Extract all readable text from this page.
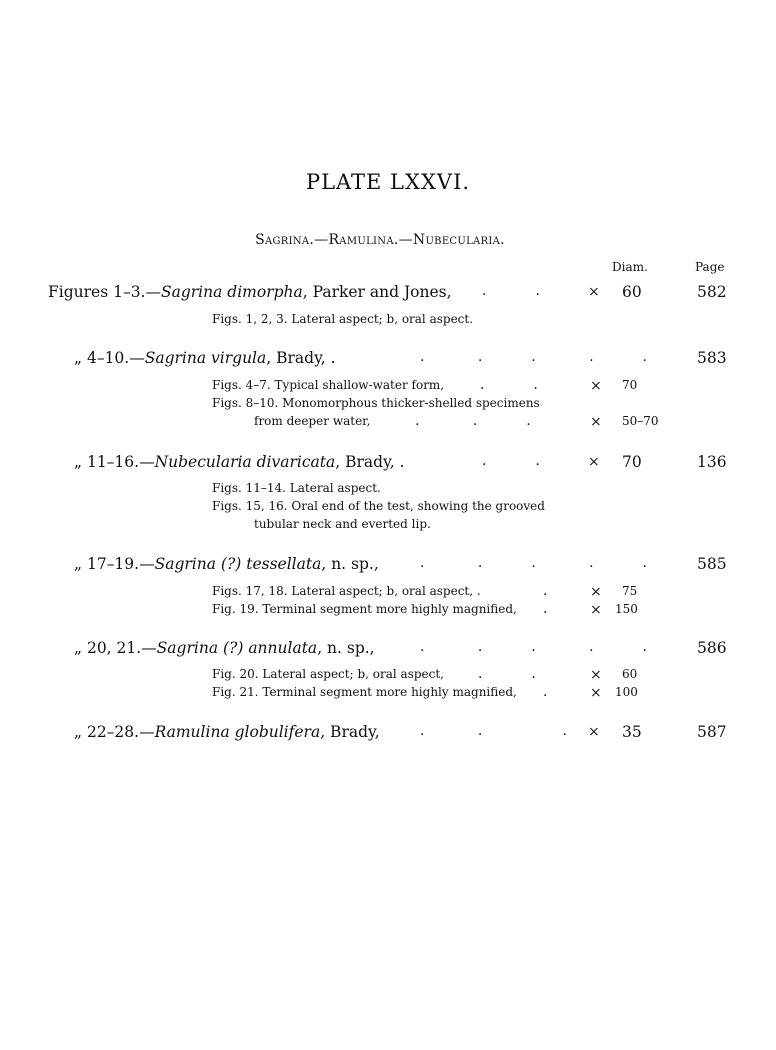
PLATE LXXVI.
Sagrina.—Ramulina.—Nubecularia.
Diam.	Page
Figures 1–3.—Sagrina dimorpha, Parker and Jones, .           .	× 60	582
Figs. 1, 2, 3. Lateral aspect; b, oral aspect.
„ 4–10.—Sagrina virgula, Brady, .	.            .           .            .           .	583
Figs. 4–7. Typical shallow-water form,	.           .	× 70
Figs. 8–10. Monomorphous thicker-shelled specimens
from deeper water,	.            .           .	× 50–70
„ 11–16.—Nubecularia divaricata, Brady, .	.           .	× 70	136
Figs. 11–14. Lateral aspect.
Figs. 15, 16. Oral end of the test, showing the grooved
tubular neck and everted lip.
„ 17–19.—Sagrina (?) tessellata, n. sp.,	.            .           .            .           .	585
Figs. 17, 18. Lateral aspect; b, oral aspect, .	.	× 75
Fig. 19. Terminal segment more highly magnified, .	× 150
„ 20, 21.—Sagrina (?) annulata, n. sp.,	.            .           .            .           .	586
Fig. 20. Lateral aspect; b, oral aspect, .           .	× 60
Fig. 21. Terminal segment more highly magnified, .	× 100
„ 22–28.—Ramulina globulifera, Brady,	.            .                  . × 35	587
